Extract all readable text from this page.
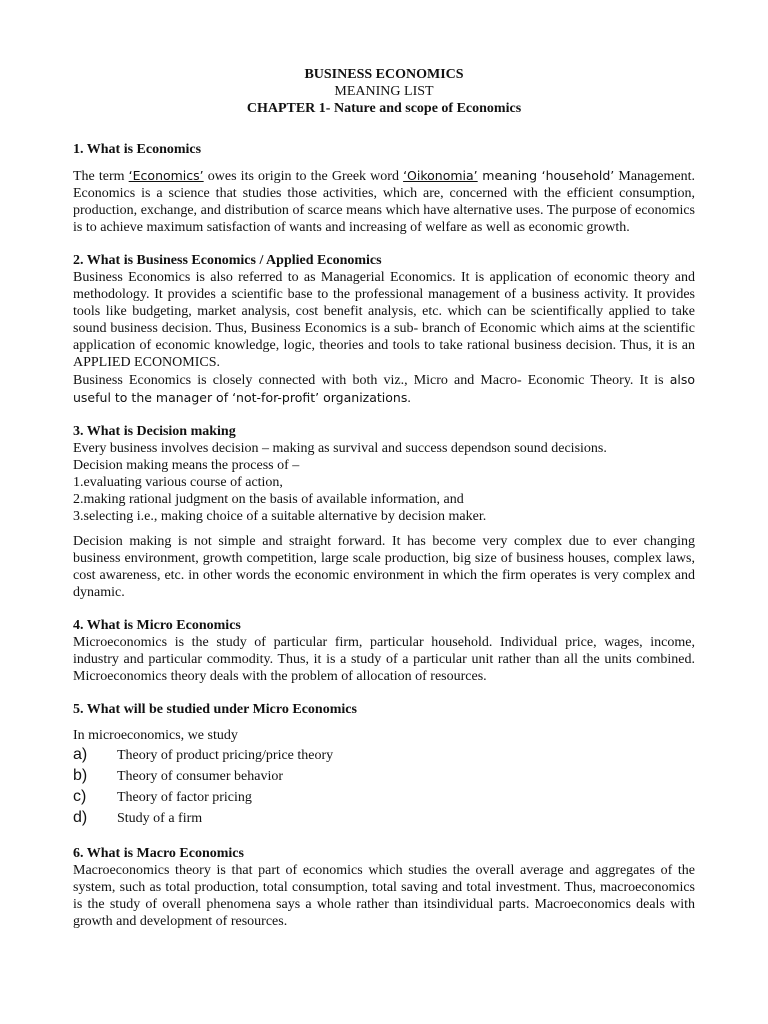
BUSINESS ECONOMICS
MEANING LIST
CHAPTER 1- Nature and scope of Economics
1. What is Economics

The term ‘Economics’ owes its origin to the Greek word ‘Oikonomia’ meaning ‘household’ Management. Economics is a science that studies those activities, which are, concerned with the efficient consumption, production, exchange, and distribution of scarce means which have alternative uses. The purpose of economics is to achieve maximum satisfaction of wants and increasing of welfare as well as economic growth.

2. What is Business Economics / Applied Economics

Business Economics is also referred to as Managerial Economics. It is application of economic theory and methodology. It provides a scientific base to the professional management of a business activity. It provides tools like budgeting, market analysis, cost benefit analysis, etc. which can be scientifically applied to take sound business decision. Thus, Business Economics is a sub- branch of Economic which aims at the scientific application of economic knowledge, logic, theories and tools to take rational business decision. Thus, it is an APPLIED ECONOMICS.

Business Economics is closely connected with both viz., Micro and Macro- Economic Theory. It is also useful to the manager of ‘not-for-profit’ organizations.

3. What is Decision making

Every business involves decision – making as survival and success dependson sound decisions.

Decision making means the process of –

1.evaluating various course of action,

2.making rational judgment on the basis of available information, and

3.selecting i.e., making choice of a suitable alternative by decision maker.

Decision making is not simple and straight forward. It has become very complex due to ever changing business environment, growth competition, large scale production, big size of business houses, complex laws, cost awareness, etc. in other words the economic environment in which the firm operates is very complex and dynamic.

4. What is Micro Economics

Microeconomics is the study of particular firm, particular household. Individual price, wages, income, industry and particular commodity. Thus, it is a study of a particular unit rather than all the units combined. Microeconomics theory deals with the problem of allocation of resources.

5. What will be studied under Micro Economics

In microeconomics, we study

a)	Theory of product pricing/price theory
b)	Theory of consumer behavior
c)	Theory of factor pricing
d)	Study of a firm
6. What is Macro Economics

Macroeconomics theory is that part of economics which studies the overall average and aggregates of the system, such as total production, total consumption, total saving and total investment. Thus, macroeconomics is the study of overall phenomena says a whole rather than itsindividual parts. Macroeconomics deals with growth and development of resources.
